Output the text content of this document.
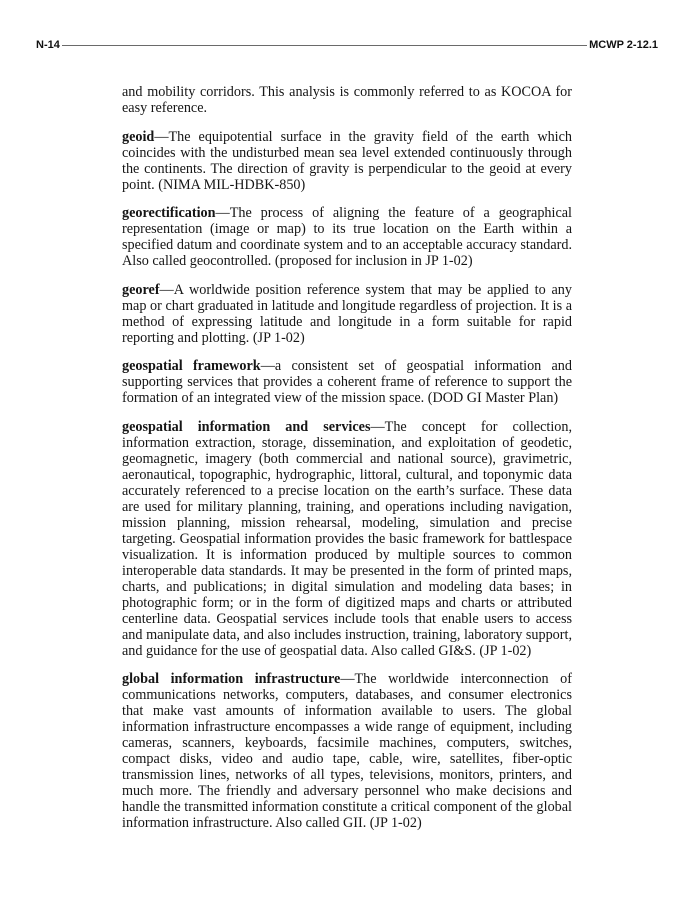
N-14	MCWP 2-12.1

and mobility corridors. This analysis is commonly referred to as KOCOA for easy reference.

geoid—The equipotential surface in the gravity field of the earth which coincides with the undisturbed mean sea level extended continuously through the continents. The direction of gravity is perpendicular to the geoid at every point. (NIMA MIL-HDBK-850)

georectification—The process of aligning the feature of a geographical representation (image or map) to its true location on the Earth within a specified datum and coordinate system and to an acceptable accuracy standard. Also called geocontrolled. (proposed for inclusion in JP 1-02)

georef—A worldwide position reference system that may be applied to any map or chart graduated in latitude and longitude regardless of projection. It is a method of expressing latitude and longitude in a form suitable for rapid reporting and plotting. (JP 1-02)

geospatial framework—a consistent set of geospatial information and supporting services that provides a coherent frame of reference to support the formation of an integrated view of the mission space. (DOD GI Master Plan)

geospatial information and services—The concept for collection, information extraction, storage, dissemination, and exploitation of geodetic, geomagnetic, imagery (both commercial and national source), gravimetric, aeronautical, topographic, hydrographic, littoral, cultural, and toponymic data accurately referenced to a precise location on the earth’s surface. These data are used for military planning, training, and operations including navigation, mission planning, mission rehearsal, modeling, simulation and precise targeting. Geospatial information provides the basic framework for battlespace visualization. It is information produced by multiple sources to common interoperable data standards. It may be presented in the form of printed maps, charts, and publications; in digital simulation and modeling data bases; in photographic form; or in the form of digitized maps and charts or attributed centerline data. Geospatial services include tools that enable users to access and manipulate data, and also includes instruction, training, laboratory support, and guidance for the use of geospatial data. Also called GI&S. (JP 1-02)

global information infrastructure—The worldwide interconnection of communications networks, computers, databases, and consumer electronics that make vast amounts of information available to users. The global information infrastructure encompasses a wide range of equipment, including cameras, scanners, keyboards, facsimile machines, computers, switches, compact disks, video and audio tape, cable, wire, satellites, fiber-optic transmission lines, networks of all types, televisions, monitors, printers, and much more. The friendly and adversary personnel who make decisions and handle the transmitted information constitute a critical component of the global information infrastructure. Also called GII. (JP 1-02)
